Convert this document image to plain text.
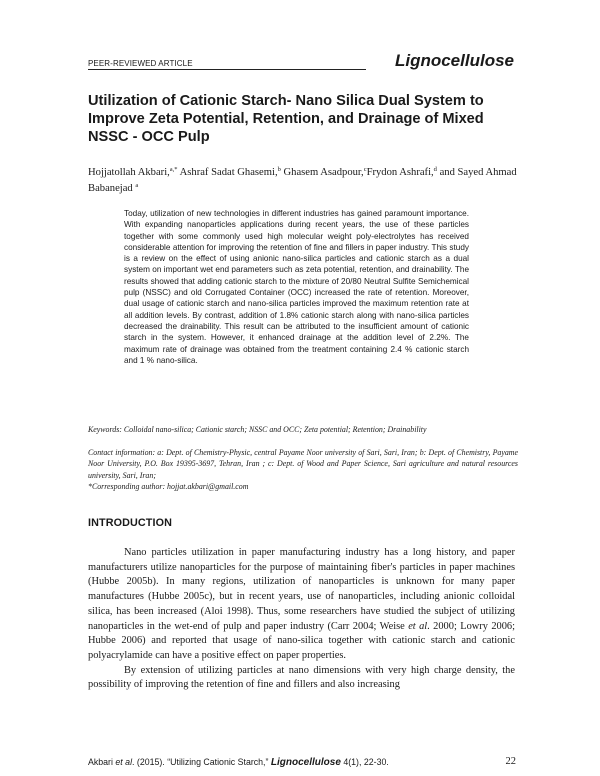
PEER-REVIEWED ARTICLE	Lignocellulose
Utilization of Cationic Starch- Nano Silica Dual System to Improve Zeta Potential, Retention, and Drainage of Mixed NSSC - OCC Pulp
Hojjatollah Akbari,$^{a,*}$ Ashraf Sadat Ghasemi,$^b$ Ghasem Asadpour,$^c$Frydon Ashrafi,$^d$ and Sayed Ahmad Babanejad $^a$
Today, utilization of new technologies in different industries has gained paramount importance. With expanding nanoparticles applications during recent years, the use of these particles together with some commonly used high molecular weight poly-electrolytes has received considerable attention for improving the retention of fine and fillers in paper industry. This study is a review on the effect of using anionic nano-silica particles and cationic starch as a dual system on important wet end parameters such as zeta potential, retention, and drainability. The results showed that adding cationic starch to the mixture of 20/80 Neutral Sulfite Semichemical pulp (NSSC) and old Corrugated Container (OCC) increased the rate of retention. Moreover, dual usage of cationic starch and nano-silica particles improved the maximum retention rate at all addition levels. By contrast, addition of 1.8% cationic starch along with nano-silica particles decreased the drainability. This result can be attributed to the insufficient amount of cationic starch in the system. However, it enhanced drainage at the addition level of 2.2%. The maximum rate of drainage was obtained from the treatment containing 2.4 % cationic starch and 1 % nano-silica.
Keywords: Colloidal nano-silica; Cationic starch; NSSC and OCC; Zeta potential; Retention; Drainability
Contact information: a: Dept. of Chemistry-Physic, central Payame Noor university of Sari, Sari, Iran; b: Dept. of Chemistry, Payame Noor University, P.O. Box 19395-3697, Tehran, Iran ; c: Dept. of Wood and Paper Science, Sari agriculture and natural resources university, Sari, Iran;
*Corresponding author: hojjat.akbari@gmail.com
INTRODUCTION

Nano particles utilization in paper manufacturing industry has a long history, and paper manufacturers utilize nanoparticles for the purpose of maintaining fiber's particles in paper machines (Hubbe 2005b). In many regions, utilization of nanoparticles is unknown for many paper manufactures (Hubbe 2005c), but in recent years, use of nanoparticles, including anionic colloidal silica, has been increased (Aloi 1998). Thus, some researchers have studied the subject of utilizing nanoparticles in the wet-end of pulp and paper industry (Carr 2004; Weise et al. 2000; Lowry 2006; Hubbe 2006) and reported that usage of nano-silica together with cationic starch and cationic polyacrylamide can have a positive effect on paper properties.

By extension of utilizing particles at nano dimensions with very high charge density, the possibility of improving the retention of fine and fillers and also increasing

Akbari et al. (2015). “Utilizing Cationic Starch,” Lignocellulose 4(1), 22-30.	22
